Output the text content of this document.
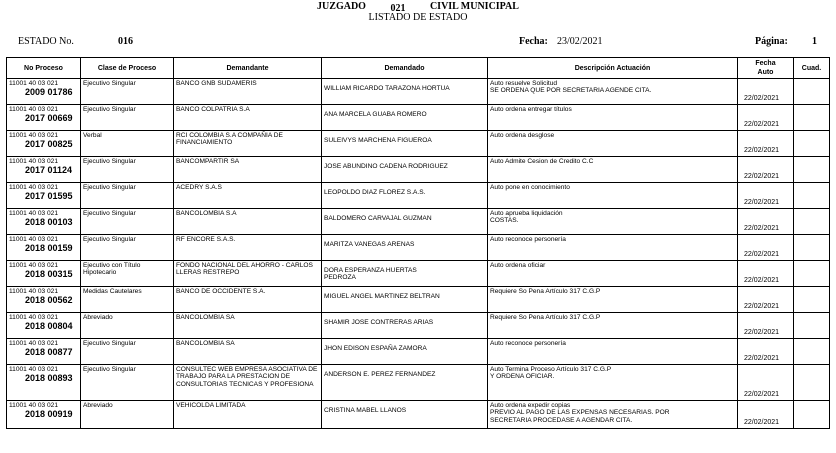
JUZGADO 021 CIVIL MUNICIPAL
LISTADO DE ESTADO
ESTADO No.	016	Fecha: 23/02/2021	Página: 1
No Proceso	Clase de Proceso	Demandante	Demandado	Descripción Actuación	Fecha Auto	Cuad.

11001 40 03 021
2009 01786	Ejecutivo Singular	BANCO GNB SUDAMERIS	WILLIAM RICARDO TARAZONA HORTUA	Auto resuelve Solicitud
SE ORDENA QUE POR SECRETARIA AGENDE CITA.	22/02/2021	

11001 40 03 021
2017 00669	Ejecutivo Singular	BANCO COLPATRIA S.A	ANA MARCELA GUABA ROMERO	Auto ordena entregar títulos	22/02/2021	

11001 40 03 021
2017 00825	Verbal	RCI COLOMBIA S.A COMPAÑIA DE FINANCIAMIENTO	SULEIVYS MARCHENA FIGUEROA	Auto ordena desglose	22/02/2021	

11001 40 03 021
2017 01124	Ejecutivo Singular	BANCOMPARTIR SA	JOSE ABUNDINO CADENA RODRIGUEZ	Auto Admite Cesion de Credito C.C	22/02/2021	

11001 40 03 021
2017 01595	Ejecutivo Singular	ACEDRY S.A.S	LEOPOLDO DIAZ FLOREZ S.A.S.	Auto pone en conocimiento	22/02/2021	

11001 40 03 021
2018 00103	Ejecutivo Singular	BANCOLOMBIA S.A	BALDOMERO CARVAJAL GUZMAN	Auto aprueba liquidación
COSTAS.	22/02/2021	

11001 40 03 021
2018 00159	Ejecutivo Singular	RF ENCORE S.A.S.	MARITZA VANEGAS ARENAS	Auto reconoce personería	22/02/2021	

11001 40 03 021
2018 00315	Ejecutivo con Título
Hipotecario	FONDO NACIONAL DEL AHORRO - CARLOS LLERAS RESTREPO	DORA ESPERANZA HUERTAS
PEDROZA	Auto ordena oficiar	22/02/2021	

11001 40 03 021
2018 00562	Medidas Cautelares	BANCO DE OCCIDENTE S.A.	MIGUEL ANGEL MARTINEZ BELTRAN	Requiere So Pena Artículo 317 C.G.P	22/02/2021	

11001 40 03 021
2018 00804	Abreviado	BANCOLOMBIA SA	SHAMIR JOSE CONTRERAS ARIAS	Requiere So Pena Artículo 317 C.G.P	22/02/2021	

11001 40 03 021
2018 00877	Ejecutivo Singular	BANCOLOMBIA SA	JHON EDISON ESPAÑA ZAMORA	Auto reconoce personería	22/02/2021	

11001 40 03 021
2018 00893	Ejecutivo Singular	CONSULTEC WEB EMPRESA ASOCIATIVA DE TRABAJO PARA LA PRESTACION DE CONSULTORIAS TECNICAS Y PROFESIONA	ANDERSON E. PEREZ FERNANDEZ	Auto Termina Proceso Artículo 317 C.G.P
Y ORDENA OFICIAR.	22/02/2021	

11001 40 03 021
2018 00919	Abreviado	VEHICOLDA LIMITADA	CRISTINA MABEL LLANOS	Auto ordena expedir copias
PREVIO AL PAGO DE LAS EXPENSAS NECESARIAS. POR
SECRETARIA PROCEDASE A AGENDAR CITA.	22/02/2021	
